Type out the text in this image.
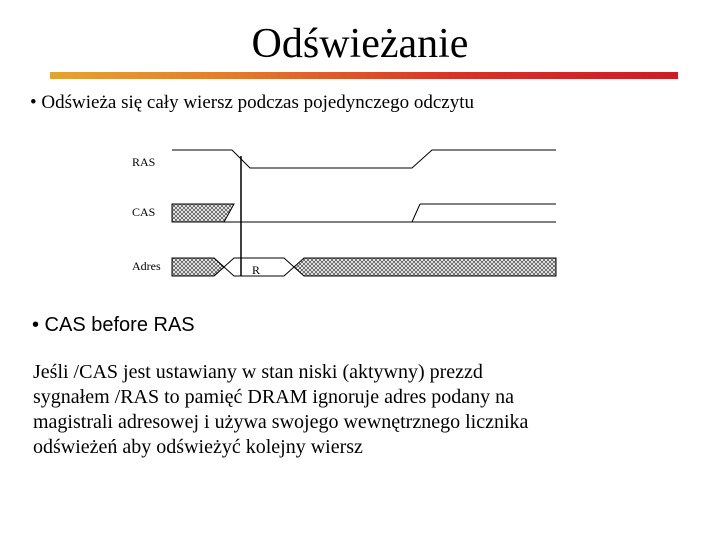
Odświeżanie
• Odświeża się cały wiersz podczas pojedynczego odczytu
RAS
CAS
Adres	R
• CAS before RAS
Jeśli /CAS jest ustawiany w stan niski (aktywny) prezzd
sygnałem /RAS to pamięć DRAM ignoruje adres podany na
magistrali adresowej i używa swojego wewnętrznego licznika
odświeżeń aby odświeżyć kolejny wiersz
